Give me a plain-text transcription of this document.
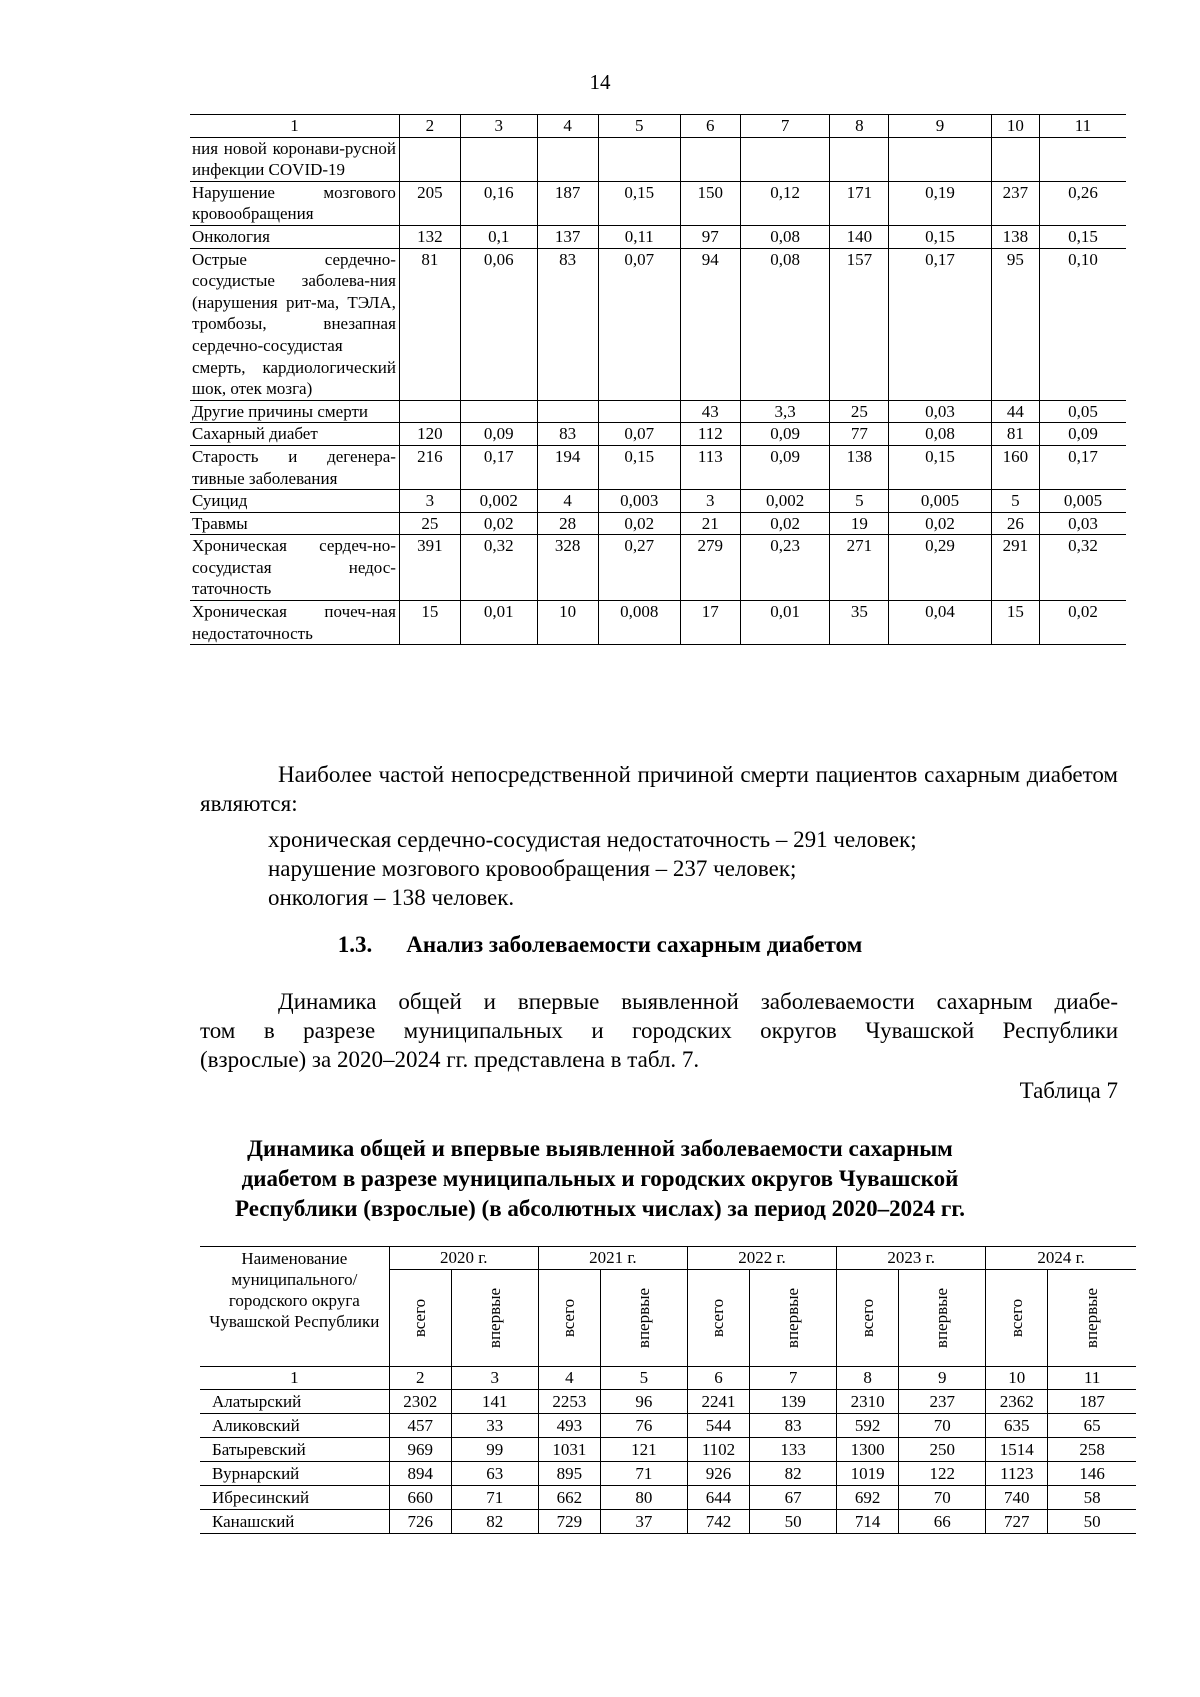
14
1	2	3	4	5	6	7	8	9	10	11
ния новой коронави-русной инфекции COVID-19										
Нарушение мозгового кровообращения	205	0,16	187	0,15	150	0,12	171	0,19	237	0,26
Онкология	132	0,1	137	0,11	97	0,08	140	0,15	138	0,15
Острые сердечно-сосудистые заболева-ния (нарушения рит-ма, ТЭЛА, тромбозы, внезапная сердечно-сосудистая смерть, кардиологический шок, отек мозга)	81	0,06	83	0,07	94	0,08	157	0,17	95	0,10
Другие причины смерти					43	3,3	25	0,03	44	0,05
Сахарный диабет	120	0,09	83	0,07	112	0,09	77	0,08	81	0,09
Старость и дегенера-тивные заболевания	216	0,17	194	0,15	113	0,09	138	0,15	160	0,17
Суицид	3	0,002	4	0,003	3	0,002	5	0,005	5	0,005
Травмы	25	0,02	28	0,02	21	0,02	19	0,02	26	0,03
Хроническая сердеч-но-сосудистая недос-таточность	391	0,32	328	0,27	279	0,23	271	0,29	291	0,32
Хроническая почеч-ная недостаточность	15	0,01	10	0,008	17	0,01	35	0,04	15	0,02
Наиболее частой непосредственной причиной смерти пациентов сахарным диабетом являются:
хроническая сердечно-сосудистая недостаточность – 291 человек;
нарушение мозгового кровообращения – 237 человек;
онкология – 138 человек.
1.3. Анализ заболеваемости сахарным диабетом
Динамика общей и впервые выявленной заболеваемости сахарным диабе-
том в разрезе муниципальных и городских округов Чувашской Республики
(взрослые) за 2020–2024 гг. представлена в табл. 7.
Таблица 7
Динамика общей и впервые выявленной заболеваемости сахарным
диабетом в разрезе муниципальных и городских округов Чувашской
Республики (взрослые) (в абсолютных числах) за период 2020–2024 гг.
Наименование муниципального/ городского округа Чувашской Республики	2020 г.		2021 г.		2022 г.		2023 г.		2024 г.	
	всего	впервые	всего	впервые	всего	впервые	всего	впервые	всего	впервые
1	2	3	4	5	6	7	8	9	10	11
Алатырский	2302	141	2253	96	2241	139	2310	237	2362	187
Аликовский	457	33	493	76	544	83	592	70	635	65
Батыревский	969	99	1031	121	1102	133	1300	250	1514	258
Вурнарский	894	63	895	71	926	82	1019	122	1123	146
Ибресинский	660	71	662	80	644	67	692	70	740	58
Канашский	726	82	729	37	742	50	714	66	727	50
